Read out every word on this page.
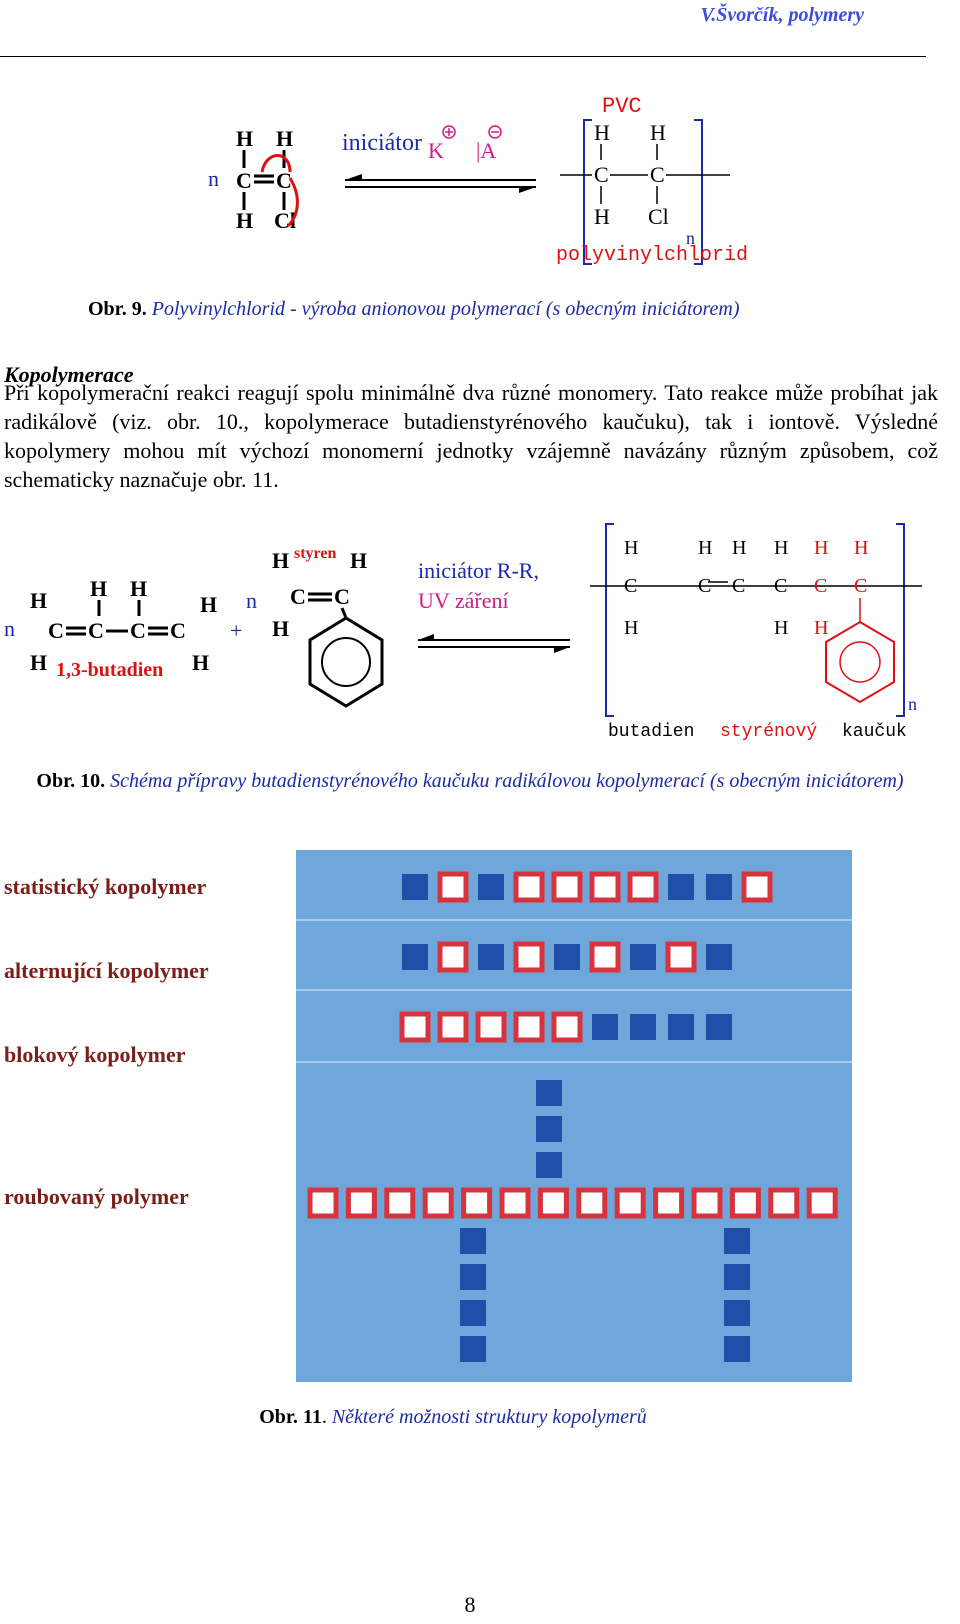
V.Švorčík, polymery
n
H H
C C
H Cl
iniciátor K |A
PVC
n
H H
C C
H Cl
polyvinylchlorid
Obr. 9. Polyvinylchlorid - výroba anionovou polymerací (s obecným iniciátorem)
Kopolymerace
Při kopolymerační reakci reagují spolu minimálně dva různé monomery. Tato reakce může probíhat jak radikálově (viz. obr. 10., kopolymerace butadienstyrénového kaučuku), tak i iontově. Výsledné kopolymery mohou mít výchozí monomerní jednotky vzájemně navázány různým způsobem, což schematicky naznačuje obr. 11.
n
H H H
H
C C C C
H	H
1,3-butadien
n
+
H	H
C C
H
styren
iniciátor R-R,
UV záření
n
H
C
H
H
C
H
C
H
C
H
H
C
H
H
C
butadien styrénový kaučuk
Obr. 10. Schéma přípravy butadienstyrénového kaučuku radikálovou kopolymerací (s obecným iniciátorem)
statistický kopolymer
alternující kopolymer
blokový kopolymer
roubovaný polymer
Obr. 11. Některé možnosti struktury kopolymerů
8
